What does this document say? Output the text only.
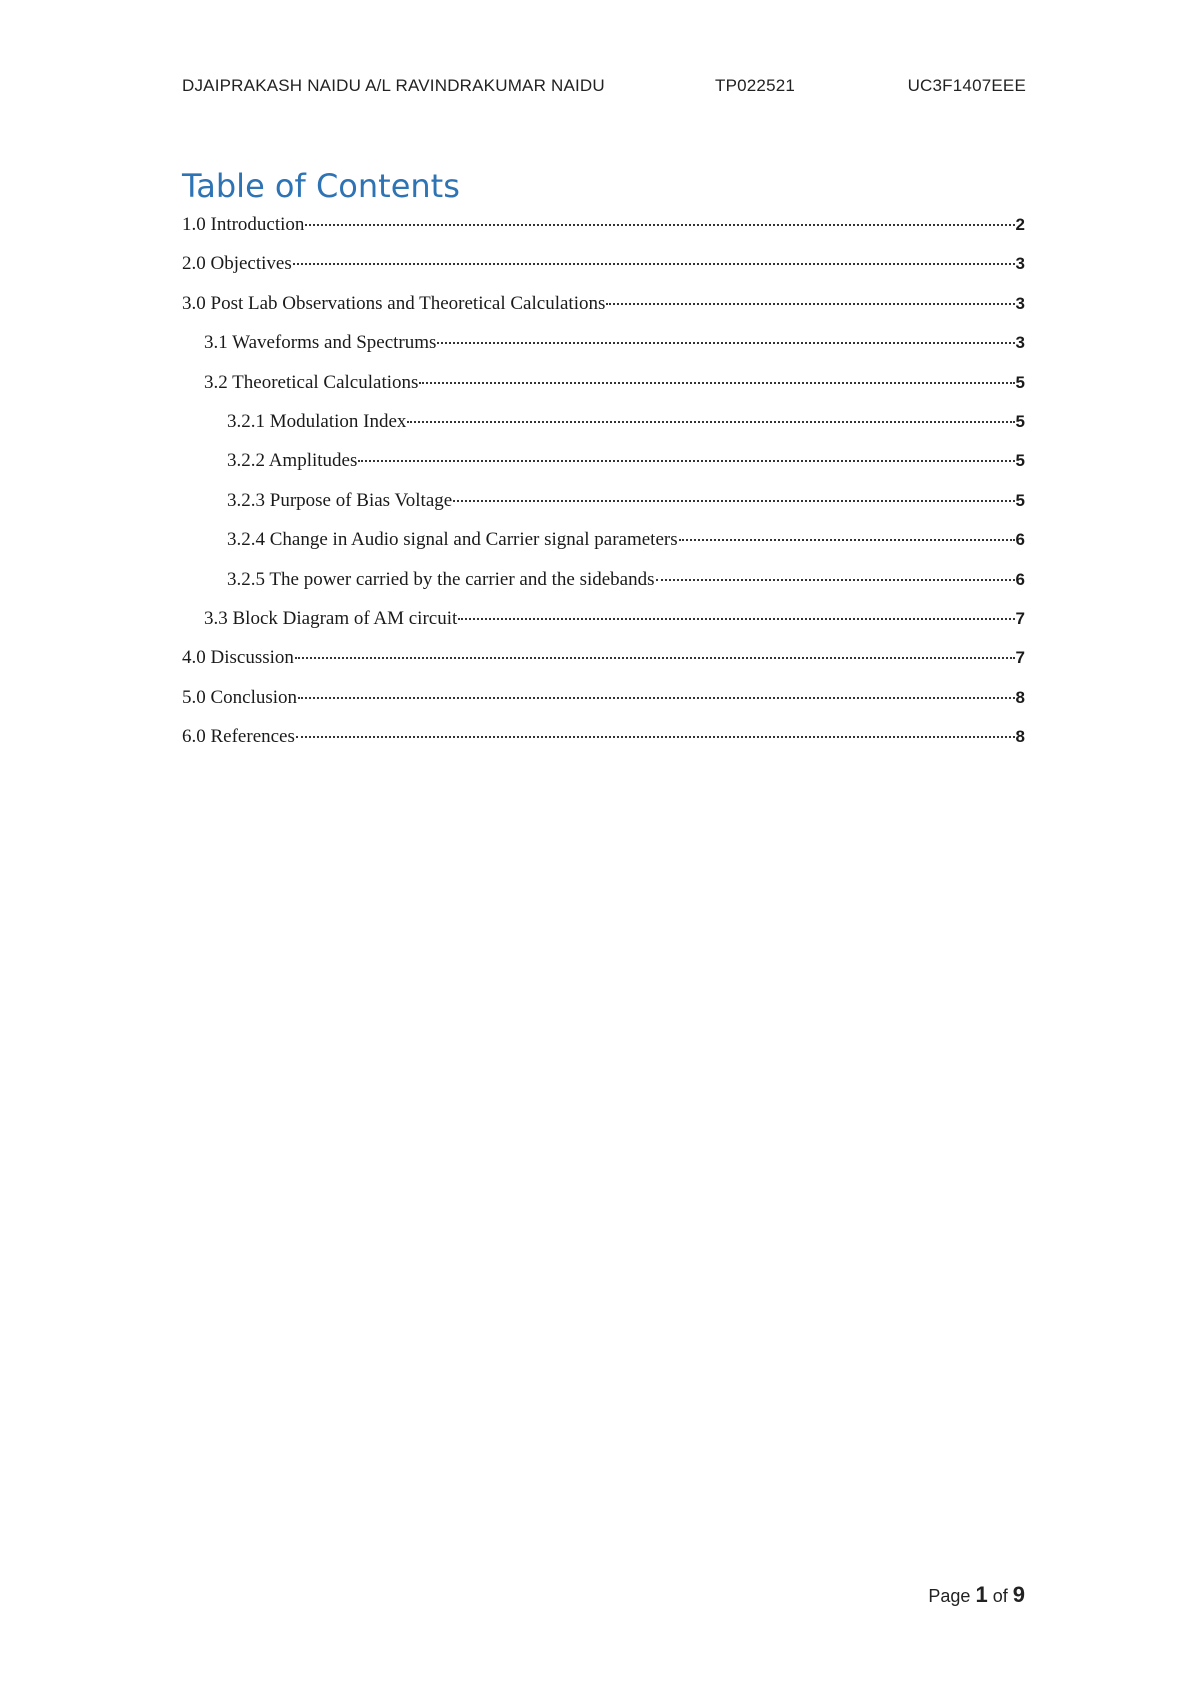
DJAIPRAKASH NAIDU A/L RAVINDRAKUMAR NAIDU	TP022521	UC3F1407EEE
Table of Contents
1.0 Introduction	2
2.0 Objectives	3
3.0 Post Lab Observations and Theoretical Calculations	3
3.1 Waveforms and Spectrums	3
3.2 Theoretical Calculations	5
3.2.1 Modulation Index	5
3.2.2 Amplitudes	5
3.2.3 Purpose of Bias Voltage	5
3.2.4 Change in Audio signal and Carrier signal parameters	6
3.2.5 The power carried by the carrier and the sidebands	6
3.3 Block Diagram of AM circuit	7
4.0 Discussion	7
5.0 Conclusion	8
6.0 References	8
Page 1 of 9
